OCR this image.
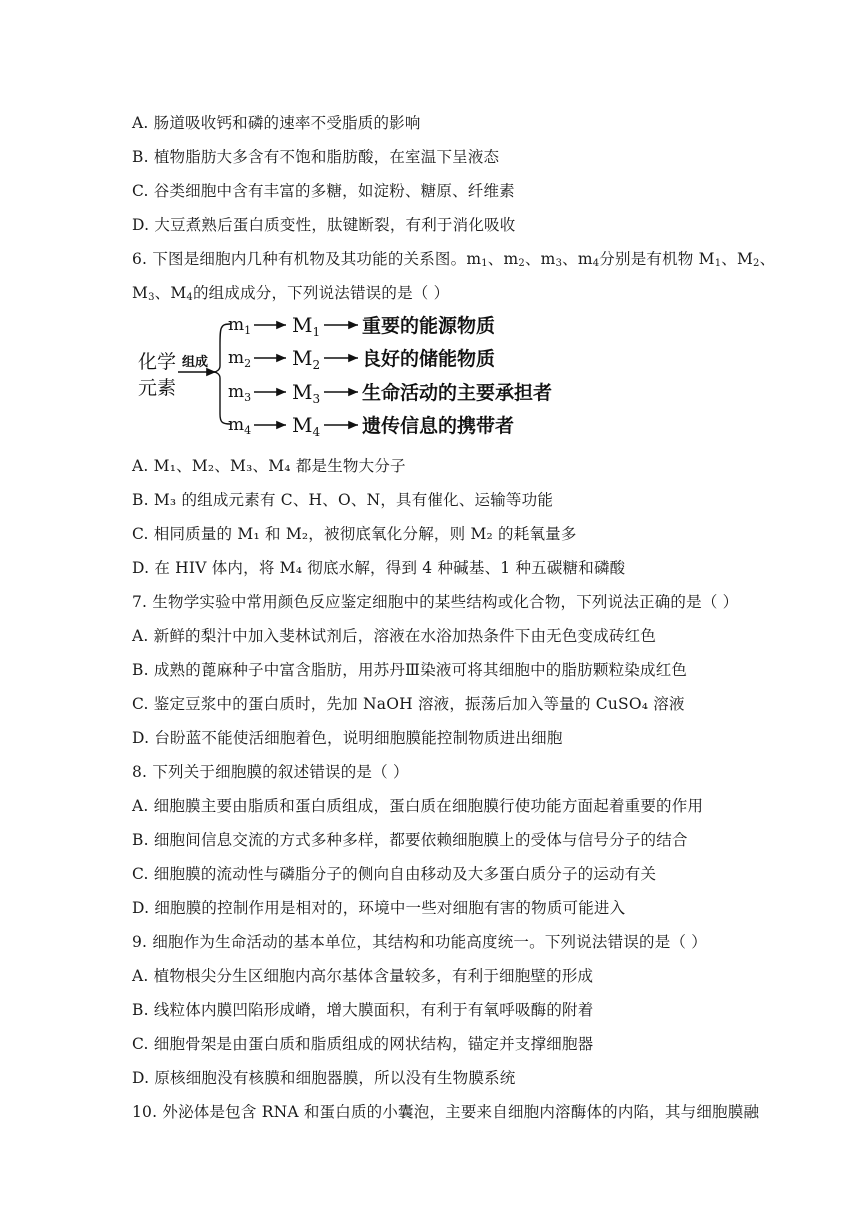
A. 肠道吸收钙和磷的速率不受脂质的影响
B. 植物脂肪大多含有不饱和脂肪酸，在室温下呈液态
C. 谷类细胞中含有丰富的多糖，如淀粉、糖原、纤维素
D. 大豆煮熟后蛋白质变性，肽键断裂，有利于消化吸收
6. 下图是细胞内几种有机物及其功能的关系图。$m_1$、$m_2$、$m_3$、$m_4$分别是有机物 $M_1$、$M_2$、
$M_3$、$M_4$的组成成分，下列说法错误的是（ ）
化学
元素
组成
$m_1$ $M_1$ 重要的能源物质
$m_2$ $M_2$ 良好的储能物质
$m_3$ $M_3$ 生命活动的主要承担者
$m_4$ $M_4$ 遗传信息的携带者
A. M₁、M₂、M₃、M₄ 都是生物大分子
B. M₃ 的组成元素有 C、H、O、N，具有催化、运输等功能
C. 相同质量的 M₁ 和 M₂，被彻底氧化分解，则 M₂ 的耗氧量多
D. 在 HIV 体内，将 M₄ 彻底水解，得到 4 种碱基、1 种五碳糖和磷酸
7. 生物学实验中常用颜色反应鉴定细胞中的某些结构或化合物，下列说法正确的是（ ）
A. 新鲜的梨汁中加入斐林试剂后，溶液在水浴加热条件下由无色变成砖红色
B. 成熟的蓖麻种子中富含脂肪，用苏丹Ⅲ染液可将其细胞中的脂肪颗粒染成红色
C. 鉴定豆浆中的蛋白质时，先加 NaOH 溶液，振荡后加入等量的 CuSO₄ 溶液
D. 台盼蓝不能使活细胞着色，说明细胞膜能控制物质进出细胞
8. 下列关于细胞膜的叙述错误的是（ ）
A. 细胞膜主要由脂质和蛋白质组成，蛋白质在细胞膜行使功能方面起着重要的作用
B. 细胞间信息交流的方式多种多样，都要依赖细胞膜上的受体与信号分子的结合
C. 细胞膜的流动性与磷脂分子的侧向自由移动及大多蛋白质分子的运动有关
D. 细胞膜的控制作用是相对的，环境中一些对细胞有害的物质可能进入
9. 细胞作为生命活动的基本单位，其结构和功能高度统一。下列说法错误的是（ ）
A. 植物根尖分生区细胞内高尔基体含量较多，有利于细胞壁的形成
B. 线粒体内膜凹陷形成嵴，增大膜面积，有利于有氧呼吸酶的附着
C. 细胞骨架是由蛋白质和脂质组成的网状结构，锚定并支撑细胞器
D. 原核细胞没有核膜和细胞器膜，所以没有生物膜系统
10. 外泌体是包含 RNA 和蛋白质的小囊泡，主要来自细胞内溶酶体的内陷，其与细胞膜融
